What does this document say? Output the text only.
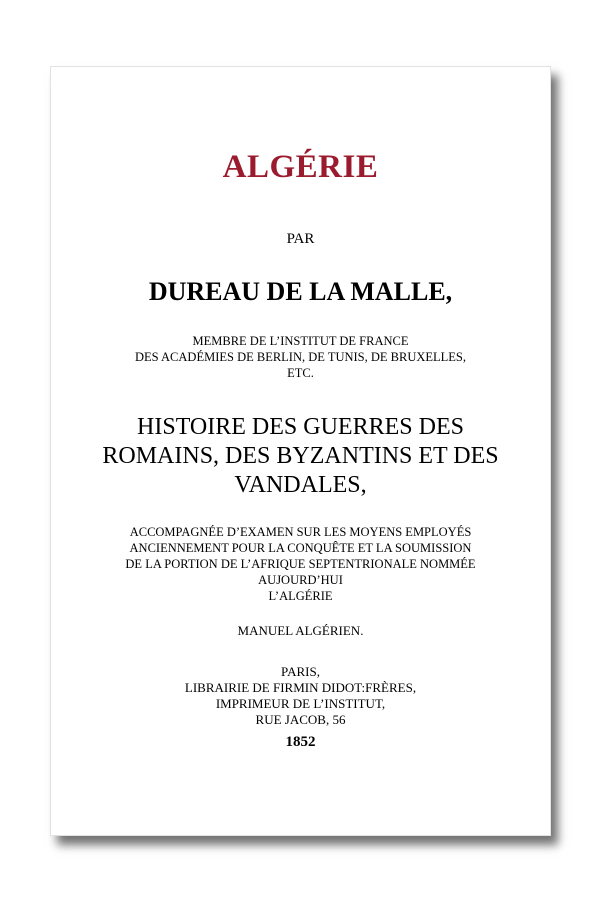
ALGÉRIE
PAR
DUREAU DE LA MALLE,
MEMBRE DE L’INSTITUT DE FRANCE
DES ACADÉMIES DE BERLIN, DE TUNIS, DE BRUXELLES,
ETC.
HISTOIRE DES GUERRES DES
ROMAINS, DES BYZANTINS ET DES
VANDALES,
ACCOMPAGNÉE D’EXAMEN SUR LES MOYENS EMPLOYÉS
ANCIENNEMENT POUR LA CONQUÊTE ET LA SOUMISSION
DE LA PORTION DE L’AFRIQUE SEPTENTRIONALE NOMMÉE
AUJOURD’HUI
L’ALGÉRIE
MANUEL ALGÉRIEN.
PARIS,
LIBRAIRIE DE FIRMIN DIDOT:FRÈRES,
IMPRIMEUR DE L’INSTITUT,
RUE JACOB, 56
1852
